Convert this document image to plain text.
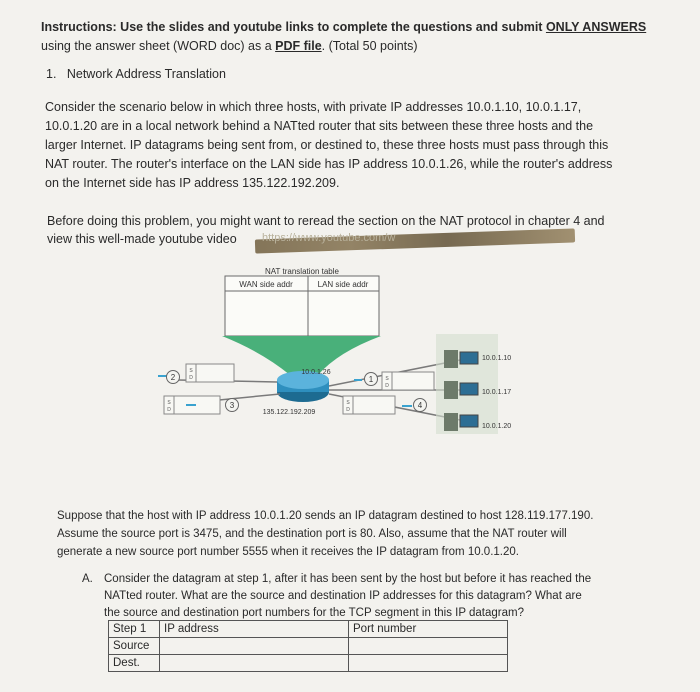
Instructions: Use the slides and youtube links to complete the questions and submit ONLY ANSWERS
using the answer sheet (WORD doc) as a PDF file. (Total 50 points)
1. Network Address Translation
Consider the scenario below in which three hosts, with private IP addresses 10.0.1.10, 10.0.1.17,
10.0.1.20 are in a local network behind a NATted router that sits between these three hosts and the
larger Internet. IP datagrams being sent from, or destined to, these three hosts must pass through this
NAT router. The router's interface on the LAN side has IP address 10.0.1.26, while the router's address
on the Internet side has IP address 135.122.192.209.
Before doing this problem, you might want to reread the section on the NAT protocol in chapter 4 and
view this well-made youtube video https://www.youtube.com/w
NAT translation table
WAN side addr	LAN side addr
10.0.1.26
135.122.192.209
S
D
S
D
S
D
S
D
2
3
1
4
10.0.1.10
10.0.1.17
10.0.1.20
Suppose that the host with IP address 10.0.1.20 sends an IP datagram destined to host 128.119.177.190.
Assume the source port is 3475, and the destination port is 80. Also, assume that the NAT router will
generate a new source port number 5555 when it receives the IP datagram from 10.0.1.20.
A. Consider the datagram at step 1, after it has been sent by the host but before it has reached the
NATted router. What are the source and destination IP addresses for this datagram? What are
the source and destination port numbers for the TCP segment in this IP datagram?
Step 1	IP address	Port number
Source		
Dest.		
